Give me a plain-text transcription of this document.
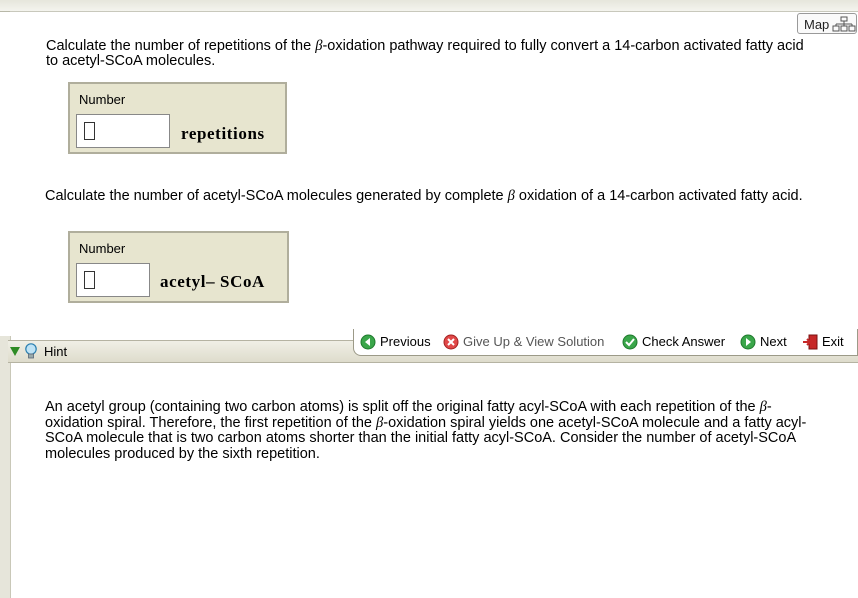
Map
Calculate the number of repetitions of the β-oxidation pathway required to fully convert a 14-carbon activated fatty acid to acetyl-SCoA molecules.
Number
repetitions
Calculate the number of acetyl-SCoA molecules generated by complete β oxidation of a 14-carbon activated fatty acid.
Number
acetyl– SCoA
Hint
Previous Give Up & View Solution	Check Answer	Next	Exit
An acetyl group (containing two carbon atoms) is split off the original fatty acyl-SCoA with each repetition of the β-oxidation spiral. Therefore, the first repetition of the β-oxidation spiral yields one acetyl-SCoA molecule and a fatty acyl-SCoA molecule that is two carbon atoms shorter than the initial fatty acyl-SCoA. Consider the number of acetyl-SCoA molecules produced by the sixth repetition.
